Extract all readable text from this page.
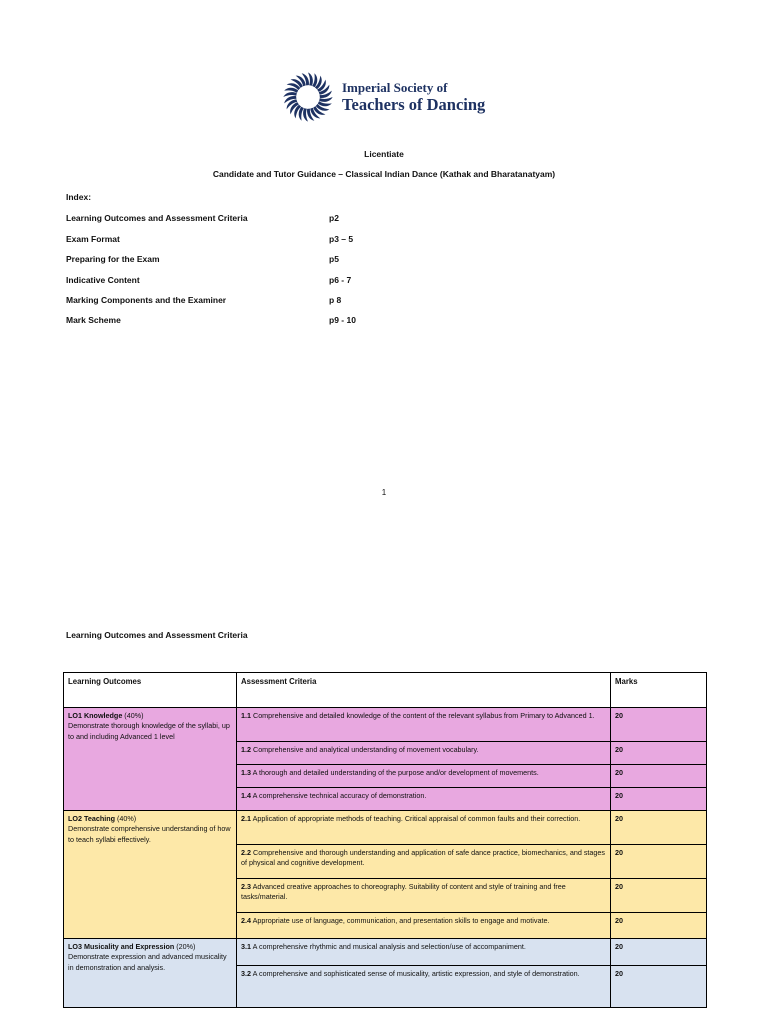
Imperial Society of
Teachers of Dancing
Licentiate
Candidate and Tutor Guidance – Classical Indian Dance (Kathak and Bharatanatyam)
Index:
Learning Outcomes and Assessment Criteria	p2
Exam Format	p3 – 5
Preparing for the Exam	p5
Indicative Content	p6 - 7
Marking Components and the Examiner	p 8
Mark Scheme	p9 - 10
1
Learning Outcomes and Assessment Criteria
Learning Outcomes	Assessment Criteria	Marks
LO1 Knowledge (40%)
Demonstrate thorough knowledge of the syllabi, up to and including Advanced 1 level	1.1 Comprehensive and detailed knowledge of the content of the relevant syllabus from Primary to Advanced 1.	20
	1.2 Comprehensive and analytical understanding of movement vocabulary.	20
	1.3 A thorough and detailed understanding of the purpose and/or development of movements.	20
	1.4 A comprehensive technical accuracy of demonstration.	20
LO2 Teaching (40%)
Demonstrate comprehensive understanding of how to teach syllabi effectively.	2.1 Application of appropriate methods of teaching. Critical appraisal of common faults and their correction.	20
	2.2 Comprehensive and thorough understanding and application of safe dance practice, biomechanics, and stages of physical and cognitive development.	20
	2.3 Advanced creative approaches to choreography. Suitability of content and style of training and free tasks/material.	20
	2.4 Appropriate use of language, communication, and presentation skills to engage and motivate.	20
LO3 Musicality and Expression (20%)
Demonstrate expression and advanced musicality in demonstration and analysis.	3.1 A comprehensive rhythmic and musical analysis and selection/use of accompaniment.	20
	3.2 A comprehensive and sophisticated sense of musicality, artistic expression, and style of demonstration.	20
